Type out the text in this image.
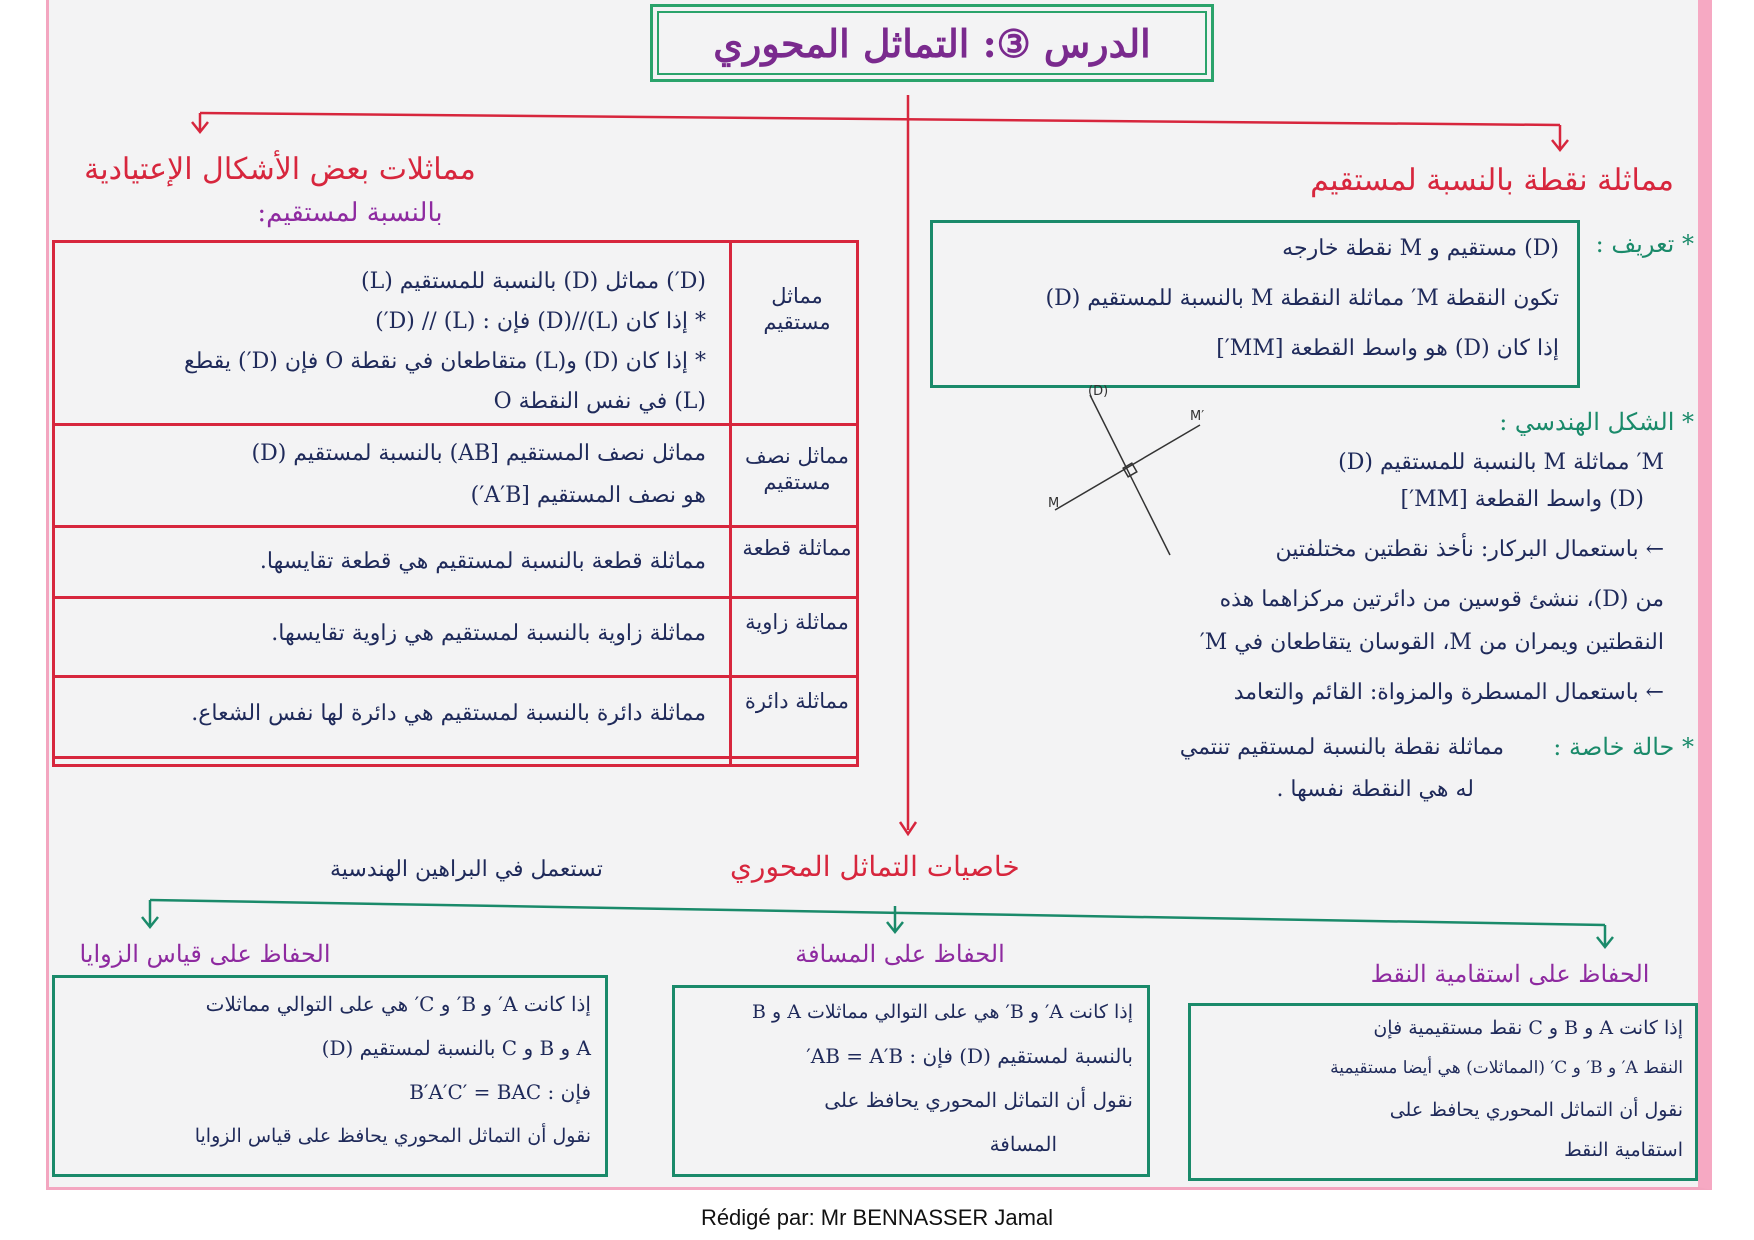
الدرس ③: التماثل المحوري
مماثلات بعض الأشكال الإعتيادية
بالنسبة لمستقيم:
مماثل مستقيم
(D′) مماثل (D) بالنسبة للمستقيم (L)
* إذا كان (L)//(D) فإن : (L) // (D′)
* إذا كان (D) و(L) متقاطعان في نقطة O فإن (D′) يقطع
(L) في نفس النقطة O
مماثل نصف مستقيم
مماثل نصف المستقيم [AB) بالنسبة لمستقيم (D)
هو نصف المستقيم [A′B′)
مماثلة قطعة
مماثلة قطعة بالنسبة لمستقيم هي قطعة تقايسها.
مماثلة زاوية
مماثلة زاوية بالنسبة لمستقيم هي زاوية تقايسها.
مماثلة دائرة
مماثلة دائرة بالنسبة لمستقيم هي دائرة لها نفس الشعاع.
مماثلة نقطة بالنسبة لمستقيم
* تعريف :
(D) مستقيم و M نقطة خارجه
تكون النقطة M′ مماثلة النقطة M بالنسبة للمستقيم (D)
إذا كان (D) هو واسط القطعة [MM′]
* الشكل الهندسي :
(D)
M
M′
M′ مماثلة M بالنسبة للمستقيم (D)
(D) واسط القطعة [MM′]
← باستعمال البركار: نأخذ نقطتين مختلفتين
من (D)، ننشئ قوسين من دائرتين مركزاهما هذه
النقطتين ويمران من M، القوسان يتقاطعان في M′
← باستعمال المسطرة والمزواة: القائم والتعامد
* حالة خاصة :
مماثلة نقطة بالنسبة لمستقيم تنتمي
له هي النقطة نفسها .
خاصيات التماثل المحوري
تستعمل في البراهين الهندسية
الحفاظ على قياس الزوايا
إذا كانت A′ و B′ و C′ هي على التوالي مماثلات
A و B و C بالنسبة لمستقيم (D)
فإن : B′A′C′ = BAC
نقول أن التماثل المحوري يحافظ على قياس الزوايا
الحفاظ على المسافة
إذا كانت A′ و B′ هي على التوالي مماثلات A و B
بالنسبة لمستقيم (D) فإن : AB = A′B′
نقول أن التماثل المحوري يحافظ على
المسافة
الحفاظ على استقامية النقط
إذا كانت A و B و C نقط مستقيمية فإن
النقط A′ و B′ و C′ (المماثلات) هي أيضا مستقيمية
نقول أن التماثل المحوري يحافظ على
استقامية النقط
Rédigé par: Mr BENNASSER Jamal
